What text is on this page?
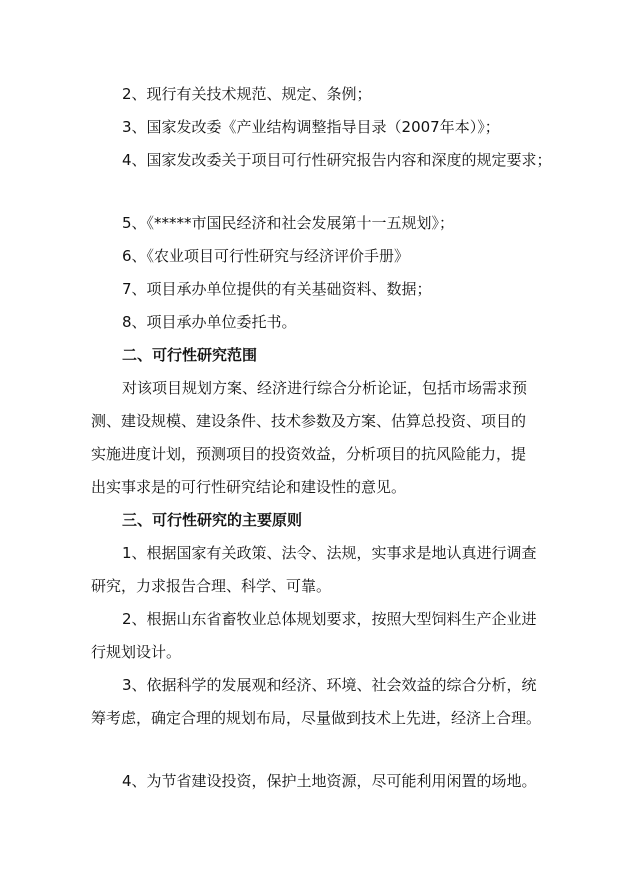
2、现行有关技术规范、规定、条例；
3、国家发改委《产业结构调整指导目录（2007年本）》；
4、国家发改委关于项目可行性研究报告内容和深度的规定要求；
5、《*****市国民经济和社会发展第十一五规划》；
6、《农业项目可行性研究与经济评价手册》
7、项目承办单位提供的有关基础资料、数据；
8、项目承办单位委托书。
二、可行性研究范围
对该项目规划方案、经济进行综合分析论证，包括市场需求预
测、建设规模、建设条件、技术参数及方案、估算总投资、项目的
实施进度计划，预测项目的投资效益，分析项目的抗风险能力，提
出实事求是的可行性研究结论和建设性的意见。
三、可行性研究的主要原则
1、根据国家有关政策、法令、法规，实事求是地认真进行调查
研究，力求报告合理、科学、可靠。
2、根据山东省畜牧业总体规划要求，按照大型饲料生产企业进
行规划设计。
3、依据科学的发展观和经济、环境、社会效益的综合分析，统
筹考虑，确定合理的规划布局，尽量做到技术上先进，经济上合理。
4、为节省建设投资，保护土地资源，尽可能利用闲置的场地。
